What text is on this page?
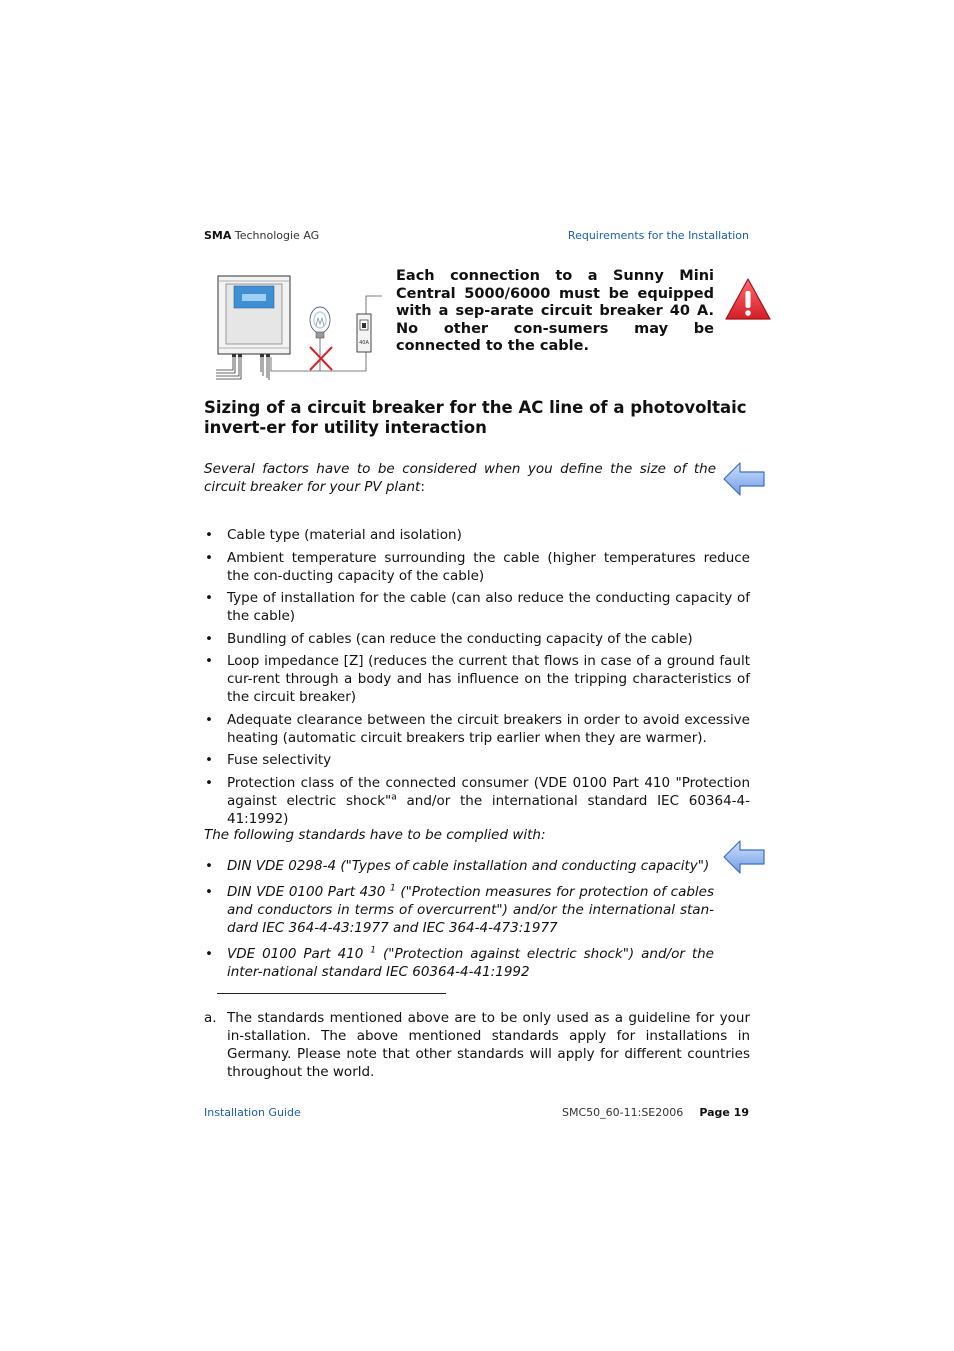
SMA Technologie AG	Requirements for the Installation
40A
Each connection to a Sunny Mini Central 5000/6000 must be equipped with a sep-arate circuit breaker 40 A. No other con-sumers may be connected to the cable.
Sizing of a circuit breaker for the AC line of a photovoltaic invert-er for utility interaction
Several factors have to be considered when you define the size of the circuit breaker for your PV plant:
• Cable type (material and isolation)
• Ambient temperature surrounding the cable (higher temperatures reduce the con-ducting capacity of the cable)
• Type of installation for the cable (can also reduce the conducting capacity of the cable)
• Bundling of cables (can reduce the conducting capacity of the cable)
• Loop impedance [Z] (reduces the current that flows in case of a ground fault cur-rent through a body and has influence on the tripping characteristics of the circuit breaker)
• Adequate clearance between the circuit breakers in order to avoid excessive heating (automatic circuit breakers trip earlier when they are warmer).
• Fuse selectivity
• Protection class of the connected consumer (VDE 0100 Part 410 "Protection against electric shock"$^a$ and/or the international standard IEC 60364-4-41:1992)
The following standards have to be complied with:
• DIN VDE 0298-4 ("Types of cable installation and conducting capacity")
• DIN VDE 0100 Part 430 $^1$ ("Protection measures for protection of cables and conductors in terms of overcurrent") and/or the international stan-dard IEC 364-4-43:1977 and IEC 364-4-473:1977
• VDE 0100 Part 410 $^1$ ("Protection against electric shock") and/or the inter-national standard IEC 60364-4-41:1992
a. The standards mentioned above are to be only used as a guideline for your in-stallation. The above mentioned standards apply for installations in Germany. Please note that other standards will apply for different countries throughout the world.
Installation Guide	SMC50_60-11:SE2006 Page 19
